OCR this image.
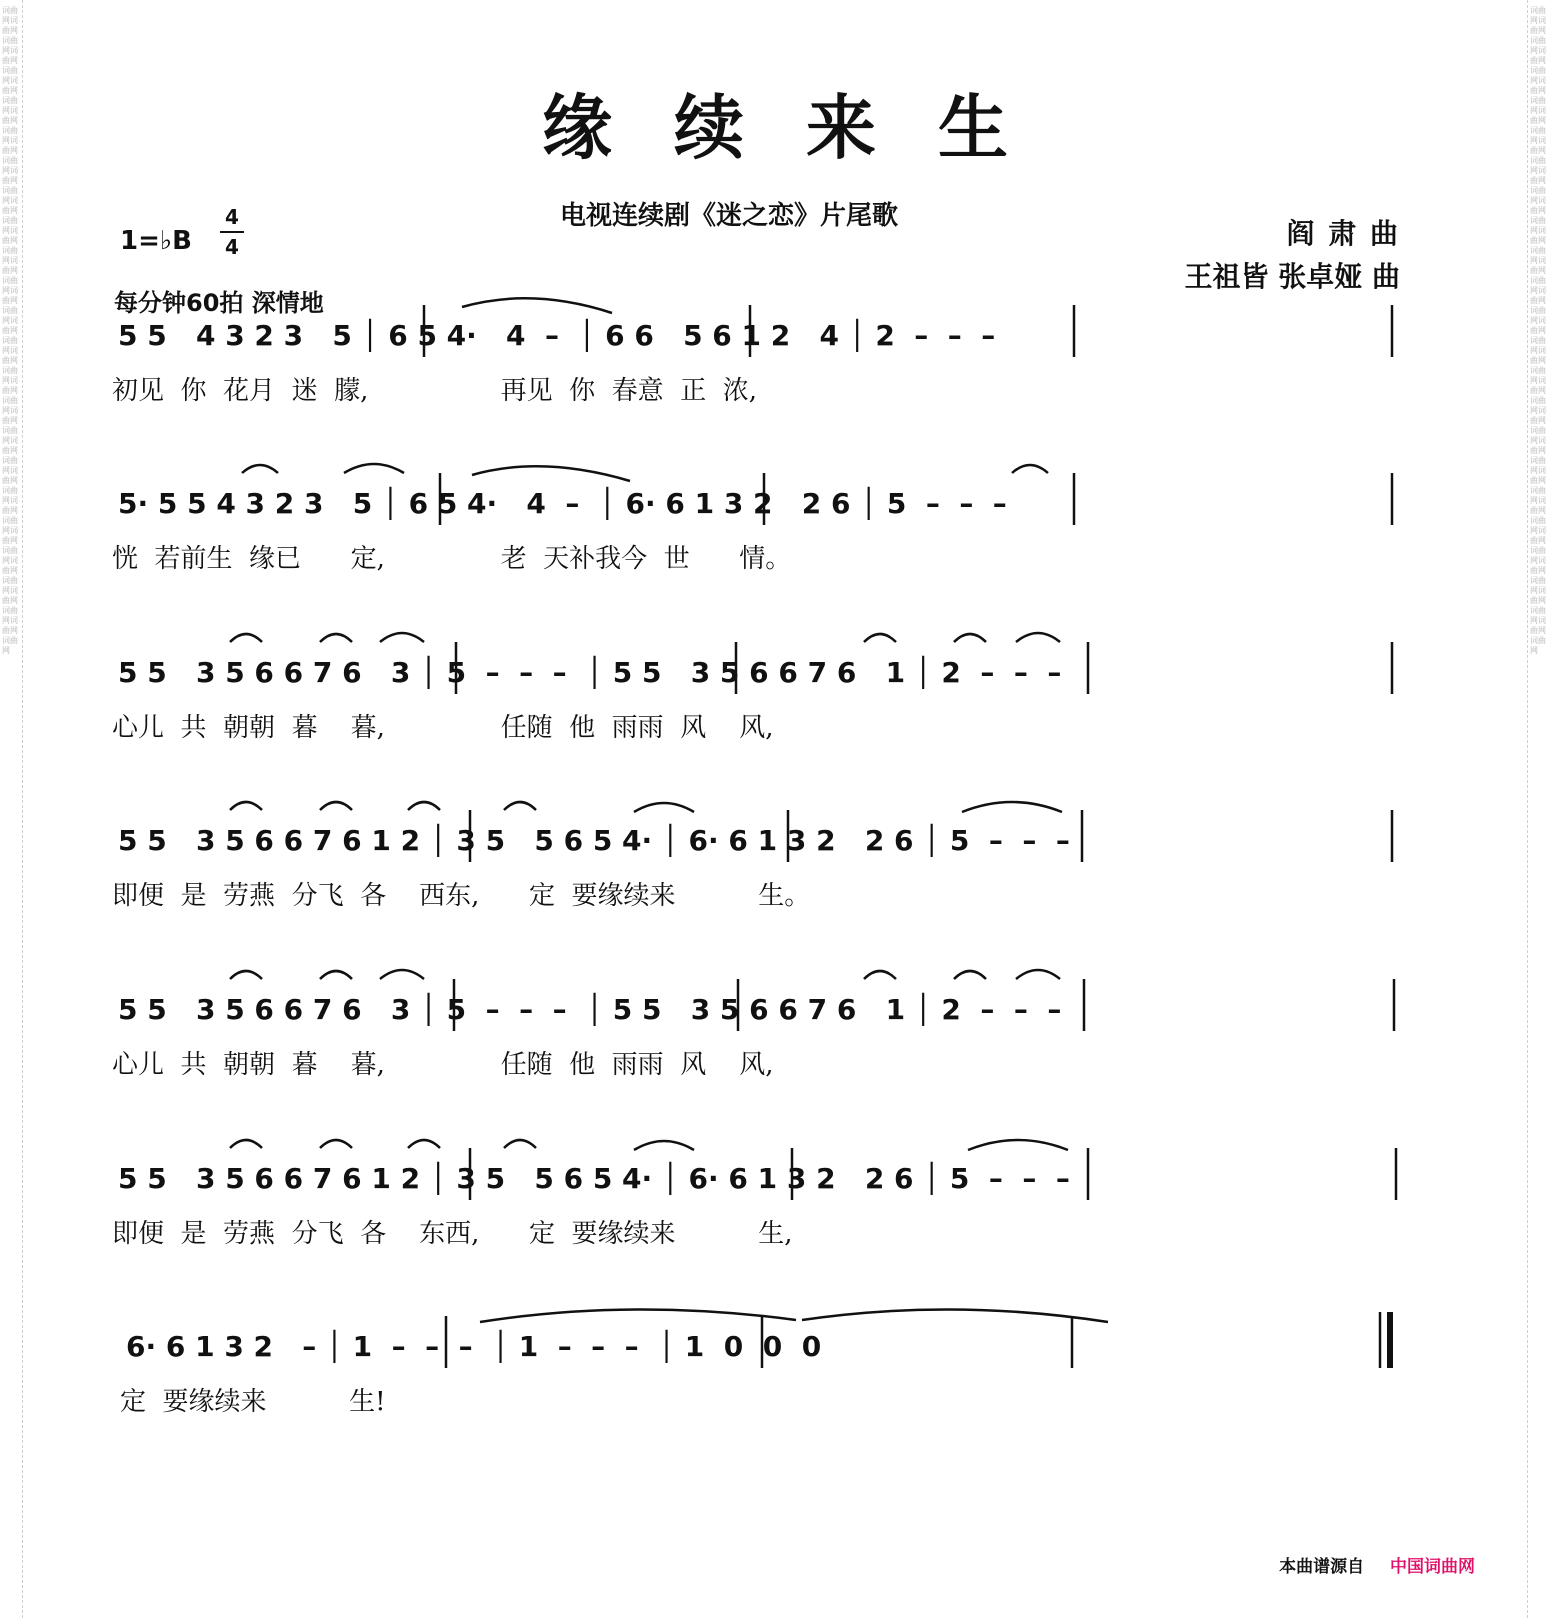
词曲网词曲网词曲网词曲网词曲网词曲网词曲网词曲网词曲网词曲网词曲网词曲网词曲网词曲网词曲网词曲网词曲网词曲网词曲网词曲网词曲网词曲网词曲网词曲网词曲网词曲网词曲网词曲网词曲网词曲网词曲网词曲网词曲网词曲网词曲网词曲网词曲网词曲网词曲网词曲网词曲网词曲网词曲网
词曲网词曲网词曲网词曲网词曲网词曲网词曲网词曲网词曲网词曲网词曲网词曲网词曲网词曲网词曲网词曲网词曲网词曲网词曲网词曲网词曲网词曲网词曲网词曲网词曲网词曲网词曲网词曲网词曲网词曲网词曲网词曲网词曲网词曲网词曲网词曲网词曲网词曲网词曲网词曲网词曲网词曲网词曲网
缘续来生
电视连续剧《迷之恋》片尾歌
1=♭B
4
4
每分钟60拍 深情地
阎 肃 曲
王祖皆 张卓娅 曲
5 5   4 3 2 3   5 │ 6 5 4·   4  –  │ 6 6   5 6 1 2   4 │ 2  –  –  –
初见  你  花月  迷  朦,                再见  你  春意  正  浓,
5· 5 5 4 3 2 3   5 │ 6 5 4·   4  –  │ 6· 6 1 3 2   2 6 │ 5  –  –  –
恍  若前生  缘已      定,              老  天补我今  世      情。
5 5   3 5 6 6 7 6   3 │ 5  –  –  –  │ 5 5   3 5 6 6 7 6   1 │ 2  –  –  –
心儿  共  朝朝  暮    暮,              任随  他  雨雨  风    风,
5 5   3 5 6 6 7 6 1 2 │ 3 5   5 6 5 4· │ 6· 6 1 3 2   2 6 │ 5  –  –  –
即便  是  劳燕  分飞  各    西东,      定  要缘续来          生。
5 5   3 5 6 6 7 6   3 │ 5  –  –  –  │ 5 5   3 5 6 6 7 6   1 │ 2  –  –  –
心儿  共  朝朝  暮    暮,              任随  他  雨雨  风    风,
5 5   3 5 6 6 7 6 1 2 │ 3 5   5 6 5 4· │ 6· 6 1 3 2   2 6 │ 5  –  –  –
即便  是  劳燕  分飞  各    东西,      定  要缘续来          生,
6· 6 1 3 2   – │ 1  –  –  –  │ 1  –  –  –  │ 1  0  0  0
定  要缘续来          生!
本曲谱源自 中国词曲网
